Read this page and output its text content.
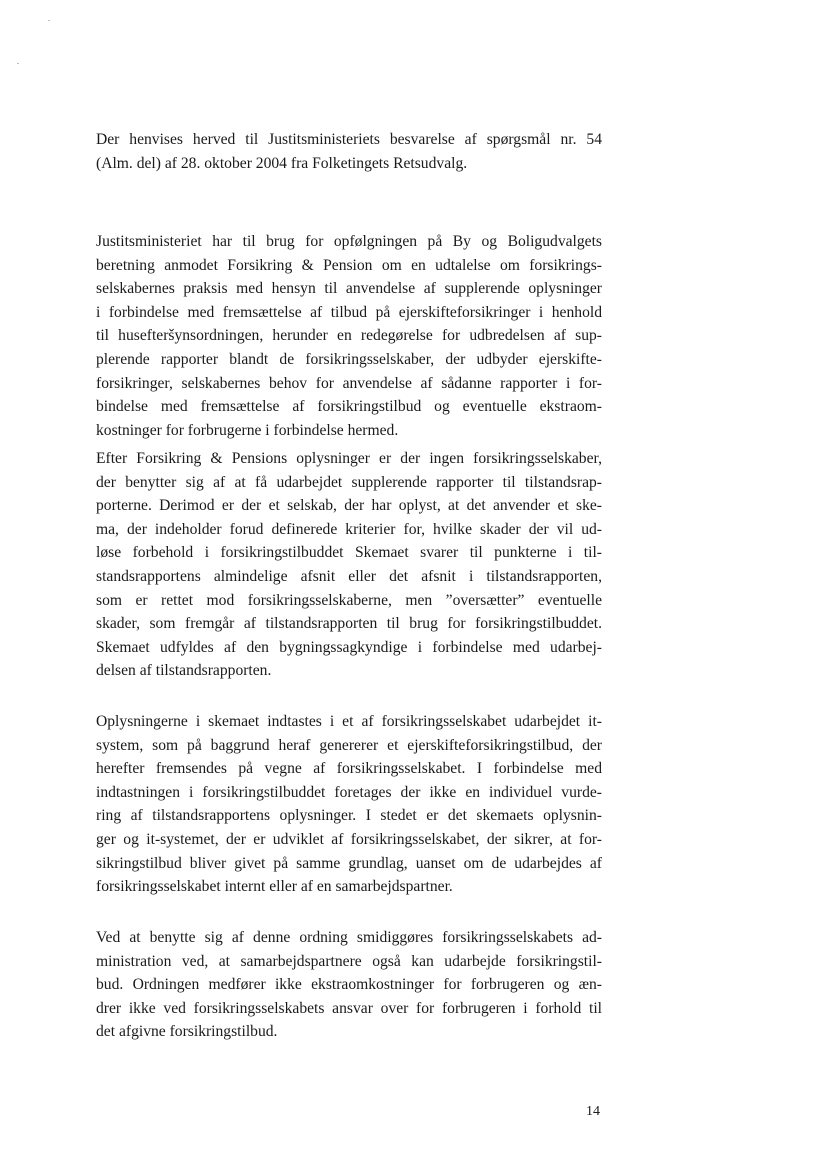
Der henvises herved til Justitsministeriets besvarelse af spørgsmål nr. 54
(Alm. del) af 28. oktober 2004 fra Folketingets Retsudvalg.

Justitsministeriet har til brug for opfølgningen på By og Boligudvalgets
beretning anmodet Forsikring & Pension om en udtalelse om forsikrings-
selskabernes praksis med hensyn til anvendelse af supplerende oplysninger
i forbindelse med fremsættelse af tilbud på ejerskifteforsikringer i henhold
til husefteršynsordningen, herunder en redegørelse for udbredelsen af sup-
plerende rapporter blandt de forsikringsselskaber, der udbyder ejerskifte-
forsikringer, selskabernes behov for anvendelse af sådanne rapporter i for-
bindelse med fremsættelse af forsikringstilbud og eventuelle ekstraom-
kostninger for forbrugerne i forbindelse hermed.

Efter Forsikring & Pensions oplysninger er der ingen forsikringsselskaber,
der benytter sig af at få udarbejdet supplerende rapporter til tilstandsrap-
porterne. Derimod er der et selskab, der har oplyst, at det anvender et ske-
ma, der indeholder forud definerede kriterier for, hvilke skader der vil ud-
løse forbehold i forsikringstilbuddet Skemaet svarer til punkterne i til-
standsrapportens almindelige afsnit eller det afsnit i tilstandsrapporten,
som er rettet mod forsikringsselskaberne, men ”oversætter” eventuelle
skader, som fremgår af tilstandsrapporten til brug for forsikringstilbuddet.
Skemaet udfyldes af den bygningssagkyndige i forbindelse med udarbej-
delsen af tilstandsrapporten.

Oplysningerne i skemaet indtastes i et af forsikringsselskabet udarbejdet it-
system, som på baggrund heraf genererer et ejerskifteforsikringstilbud, der
herefter fremsendes på vegne af forsikringsselskabet. I forbindelse med
indtastningen i forsikringstilbuddet foretages der ikke en individuel vurde-
ring af tilstandsrapportens oplysninger. I stedet er det skemaets oplysnin-
ger og it-systemet, der er udviklet af forsikringsselskabet, der sikrer, at for-
sikringstilbud bliver givet på samme grundlag, uanset om de udarbejdes af
forsikringsselskabet internt eller af en samarbejdspartner.

Ved at benytte sig af denne ordning smidiggøres forsikringsselskabets ad-
ministration ved, at samarbejdspartnere også kan udarbejde forsikringstil-
bud. Ordningen medfører ikke ekstraomkostninger for forbrugeren og æn-
drer ikke ved forsikringsselskabets ansvar over for forbrugeren i forhold til
det afgivne forsikringstilbud.

14
